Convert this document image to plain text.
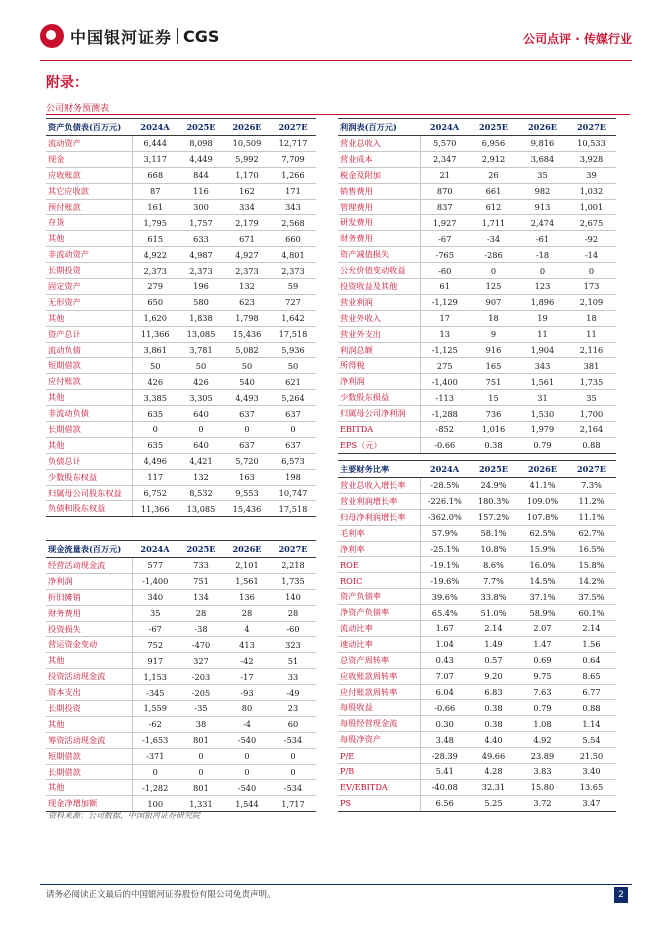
中国银河证券 CGS	公司点评 · 传媒行业
附录：
公司财务预测表
资产负债表(百万元)	2024A	2025E	2026E	2027E
流动资产	6,444	8,098	10,509	12,717
现金	3,117	4,449	5,992	7,709
应收账款	668	844	1,170	1,266
其它应收款	87	116	162	171
预付账款	161	300	334	343
存货	1,795	1,757	2,179	2,568
其他	615	633	671	660
非流动资产	4,922	4,987	4,927	4,801
长期投资	2,373	2,373	2,373	2,373
固定资产	279	196	132	59
无形资产	650	580	623	727
其他	1,620	1,838	1,798	1,642
资产总计	11,366	13,085	15,436	17,518
流动负债	3,861	3,781	5,082	5,936
短期借款	50	50	50	50
应付账款	426	426	540	621
其他	3,385	3,305	4,493	5,264
非流动负债	635	640	637	637
长期借款	0	0	0	0
其他	635	640	637	637
负债总计	4,496	4,421	5,720	6,573
少数股东权益	117	132	163	198
归属母公司股东权益	6,752	8,532	9,553	10,747
负债和股东权益	11,366	13,085	15,436	17,518
利润表(百万元)	2024A	2025E	2026E	2027E
营业总收入	5,570	6,956	9,816	10,533
营业成本	2,347	2,912	3,684	3,928
税金及附加	21	26	35	39
销售费用	870	661	982	1,032
管理费用	837	612	913	1,001
研发费用	1,927	1,711	2,474	2,675
财务费用	-67	-34	-61	-92
资产减值损失	-765	-286	-18	-14
公允价值变动收益	-60	0	0	0
投资收益及其他	61	125	123	173
营业利润	-1,129	907	1,896	2,109
营业外收入	17	18	19	18
营业外支出	13	9	11	11
利润总额	-1,125	916	1,904	2,116
所得税	275	165	343	381
净利润	-1,400	751	1,561	1,735
少数股东损益	-113	15	31	35
归属母公司净利润	-1,288	736	1,530	1,700
EBITDA	-852	1,016	1,979	2,164
EPS（元）	-0.66	0.38	0.79	0.88
主要财务比率	2024A	2025E	2026E	2027E
营业总收入增长率	-28.5%	24.9%	41.1%	7.3%
营业利润增长率	-226.1%	180.3%	109.0%	11.2%
归母净利润增长率	-362.0%	157.2%	107.8%	11.1%
毛利率	57.9%	58.1%	62.5%	62.7%
净利率	-25.1%	10.8%	15.9%	16.5%
ROE	-19.1%	8.6%	16.0%	15.8%
ROIC	-19.6%	7.7%	14.5%	14.2%
资产负债率	39.6%	33.8%	37.1%	37.5%
净资产负债率	65.4%	51.0%	58.9%	60.1%
流动比率	1.67	2.14	2.07	2.14
速动比率	1.04	1.49	1.47	1.56
总资产周转率	0.43	0.57	0.69	0.64
应收账款周转率	7.07	9.20	9.75	8.65
应付账款周转率	6.04	6.83	7.63	6.77
每股收益	-0.66	0.38	0.79	0.88
每股经营现金流	0.30	0.38	1.08	1.14
每股净资产	3.48	4.40	4.92	5.54
P/E	-28.39	49.66	23.89	21.50
P/B	5.41	4.28	3.83	3.40
EV/EBITDA	-40.08	32.31	15.80	13.65
PS	6.56	5.25	3.72	3.47
现金流量表(百万元)	2024A	2025E	2026E	2027E
经营活动现金流	577	733	2,101	2,218
净利润	-1,400	751	1,561	1,735
折旧摊销	340	134	136	140
财务费用	35	28	28	28
投资损失	-67	-38	4	-60
营运资金变动	752	-470	413	323
其他	917	327	-42	51
投资活动现金流	1,153	-203	-17	33
资本支出	-345	-205	-93	-49
长期投资	1,559	-35	80	23
其他	-62	38	-4	60
筹资活动现金流	-1,653	801	-540	-534
短期借款	-371	0	0	0
长期借款	0	0	0	0
其他	-1,282	801	-540	-534
现金净增加额	100	1,331	1,544	1,717
资料来源：公司数据，中国银河证券研究院
请务必阅读正文最后的中国银河证券股份有限公司免责声明。	2
